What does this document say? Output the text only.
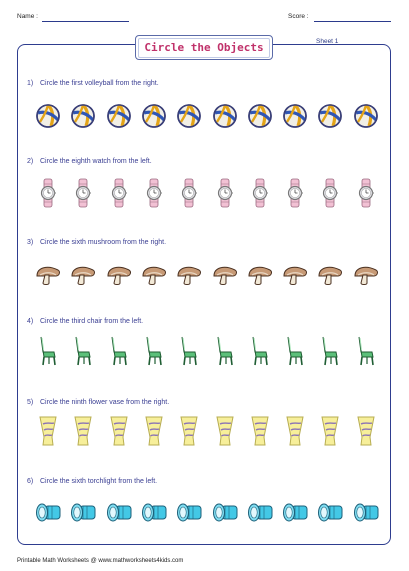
Name :	Score :
Circle the Objects	Sheet 1
1) Circle the first volleyball from the right.
2) Circle the eighth watch from the left.
3) Circle the sixth mushroom from the right.
4) Circle the third chair from the left.
5) Circle the ninth flower vase from the right.
6) Circle the sixth torchlight from the left.
Printable Math Worksheets @ www.mathworksheets4kids.com
